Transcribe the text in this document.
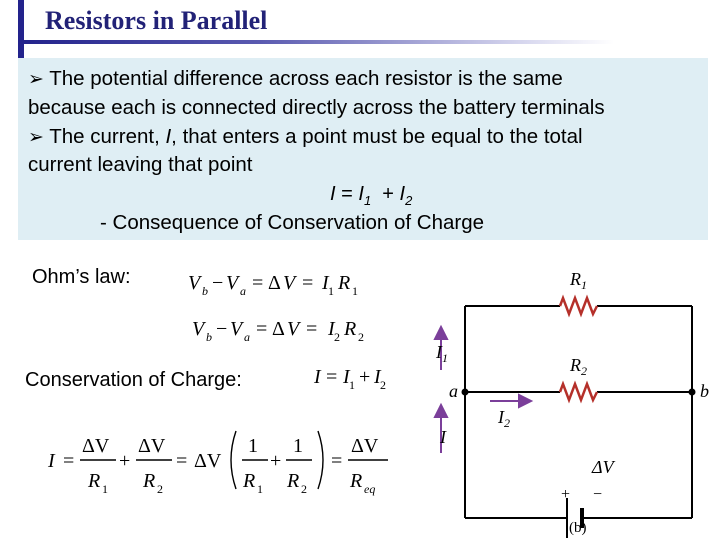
Resistors in Parallel
➢ The potential difference across each resistor is the same
because each is connected directly across the battery terminals
➢ The current, I, that enters a point must be equal to the total
current leaving that point
$I = I_1 + I_2$
- Consequence of Conservation of Charge
Ohm’s law:
Conservation of Charge:
V b − V a = Δ V = I 1 R 1
V b − V a = Δ V = I 2 R 2
I = I 1 + I 2
I =
ΔV
R 1
+
ΔV
R 2
= ΔV
1
R 1
+
1
R 2
=
ΔV
R eq
$R_1$
$R_2$
$I_1$
$I_2$
I
a	b
ΔV
+ −
(b)
